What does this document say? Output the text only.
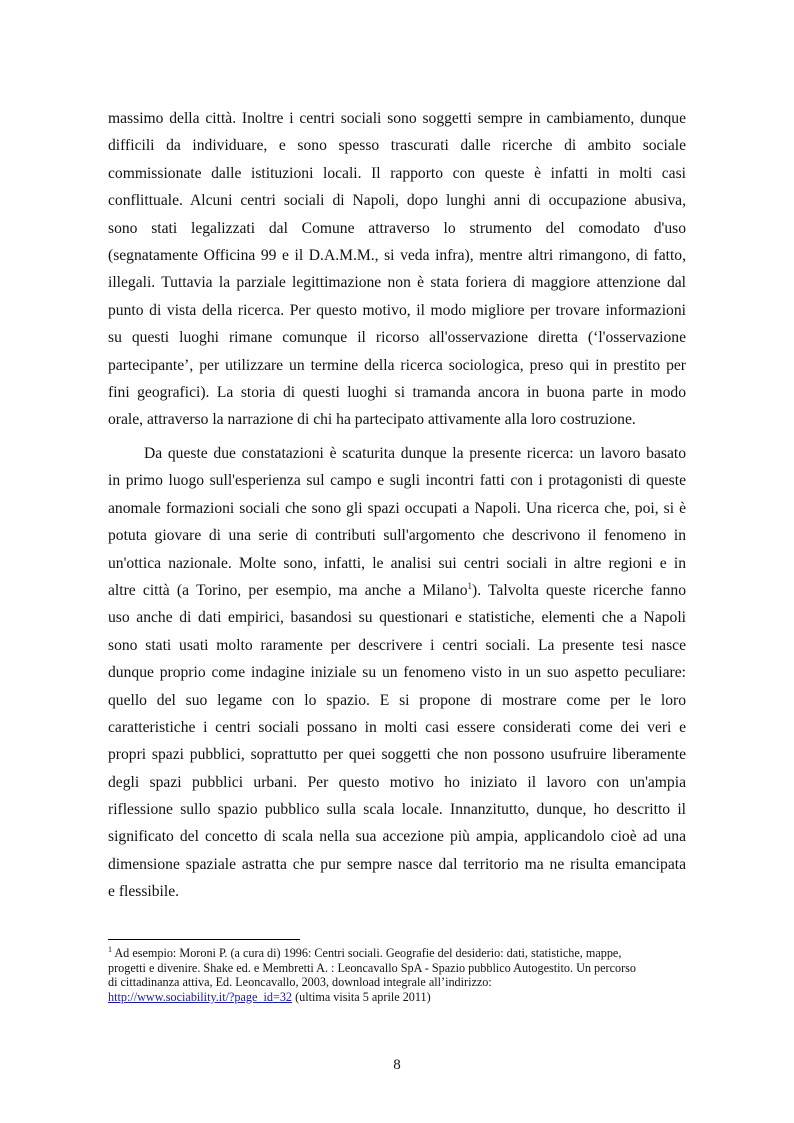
massimo della città. Inoltre i centri sociali sono soggetti sempre in cambiamento, dunque
difficili da individuare, e sono spesso trascurati dalle ricerche di ambito sociale
commissionate dalle istituzioni locali. Il rapporto con queste è infatti in molti casi
conflittuale. Alcuni centri sociali di Napoli, dopo lunghi anni di occupazione abusiva,
sono stati legalizzati dal Comune attraverso lo strumento del comodato d'uso
(segnatamente Officina 99 e il D.A.M.M., si veda infra), mentre altri rimangono, di fatto,
illegali. Tuttavia la parziale legittimazione non è stata foriera di maggiore attenzione dal
punto di vista della ricerca. Per questo motivo, il modo migliore per trovare informazioni
su questi luoghi rimane comunque il ricorso all'osservazione diretta (‘l'osservazione
partecipante’, per utilizzare un termine della ricerca sociologica, preso qui in prestito per
fini geografici). La storia di questi luoghi si tramanda ancora in buona parte in modo
orale, attraverso la narrazione di chi ha partecipato attivamente alla loro costruzione.
Da queste due constatazioni è scaturita dunque la presente ricerca: un lavoro basato
in primo luogo sull'esperienza sul campo e sugli incontri fatti con i protagonisti di queste
anomale formazioni sociali che sono gli spazi occupati a Napoli. Una ricerca che, poi, si è
potuta giovare di una serie di contributi sull'argomento che descrivono il fenomeno in
un'ottica nazionale. Molte sono, infatti, le analisi sui centri sociali in altre regioni e in
altre città (a Torino, per esempio, ma anche a Milano$^1$). Talvolta queste ricerche fanno
uso anche di dati empirici, basandosi su questionari e statistiche, elementi che a Napoli
sono stati usati molto raramente per descrivere i centri sociali. La presente tesi nasce
dunque proprio come indagine iniziale su un fenomeno visto in un suo aspetto peculiare:
quello del suo legame con lo spazio. E si propone di mostrare come per le loro
caratteristiche i centri sociali possano in molti casi essere considerati come dei veri e
propri spazi pubblici, soprattutto per quei soggetti che non possono usufruire liberamente
degli spazi pubblici urbani. Per questo motivo ho iniziato il lavoro con un'ampia
riflessione sullo spazio pubblico sulla scala locale. Innanzitutto, dunque, ho descritto il
significato del concetto di scala nella sua accezione più ampia, applicandolo cioè ad una
dimensione spaziale astratta che pur sempre nasce dal territorio ma ne risulta emancipata
e flessibile.
$^1$ Ad esempio: Moroni P. (a cura di) 1996: Centri sociali. Geografie del desiderio: dati, statistiche, mappe,
progetti e divenire. Shake ed. e Membretti A. : Leoncavallo SpA - Spazio pubblico Autogestito. Un percorso
di cittadinanza attiva, Ed. Leoncavallo, 2003, download integrale all’indirizzo:
http://www.sociability.it/?page_id=32 (ultima visita 5 aprile 2011)
8
